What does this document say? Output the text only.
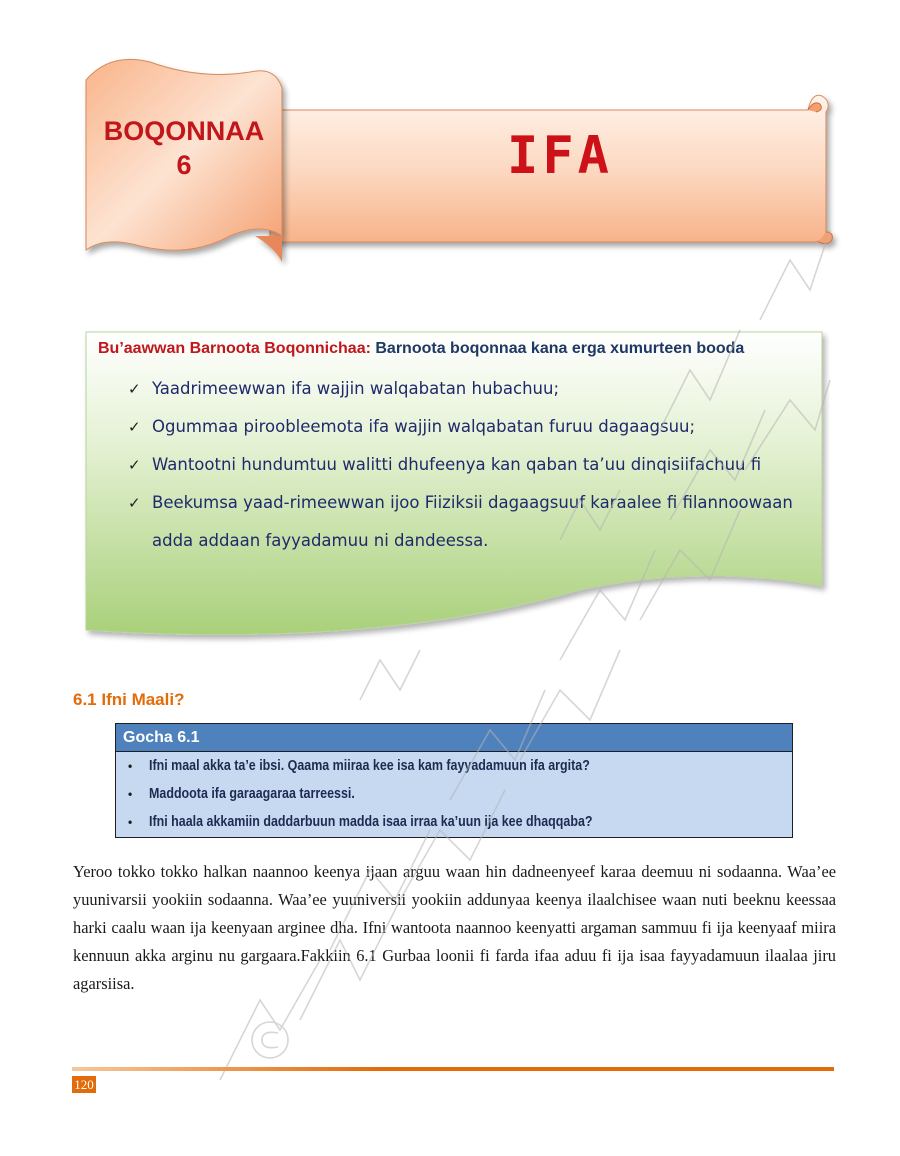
BOQONNAA
6	IFA
Bu’aawwan Barnoota Boqonnichaa: Barnoota boqonnaa kana erga xumurteen booda
✓ Yaadrimeewwan ifa wajjin walqabatan hubachuu;
✓ Ogummaa piroobleemota ifa wajjin walqabatan furuu dagaagsuu;
✓ Wantootni hundumtuu walitti dhufeenya kan qaban ta’uu dinqisiifachuu fi
✓ Beekumsa yaad-rimeewwan ijoo Fiiziksii dagaagsuuf karaalee fi filannoowaan
adda addaan fayyadamuu ni dandeessa.
6.1 Ifni Maali?
Gocha 6.1
• Ifni maal akka ta’e ibsi. Qaama miiraa kee isa kam fayyadamuun ifa argita?
• Maddoota ifa garaagaraa tarreessi.
• Ifni haala akkamiin daddarbuun madda isaa irraa ka’uun ija kee dhaqqaba?

Yeroo tokko tokko halkan naannoo keenya ijaan arguu waan hin dadneenyeef karaa deemuu ni sodaanna. Waa’ee yuunivarsii yookiin sodaanna. Waa’ee yuuniversii yookiin addunyaa keenya ilaalchisee waan nuti beeknu keessaa harki caalu waan ija keenyaan arginee dha. Ifni wantoota naannoo keenyatti argaman sammuu fi ija keenyaaf miira kennuun akka arginu nu gargaara.Fakkiin 6.1 Gurbaa loonii fi farda ifaa aduu fi ija isaa fayyadamuun ilaalaa jiru agarsiisa.

120
